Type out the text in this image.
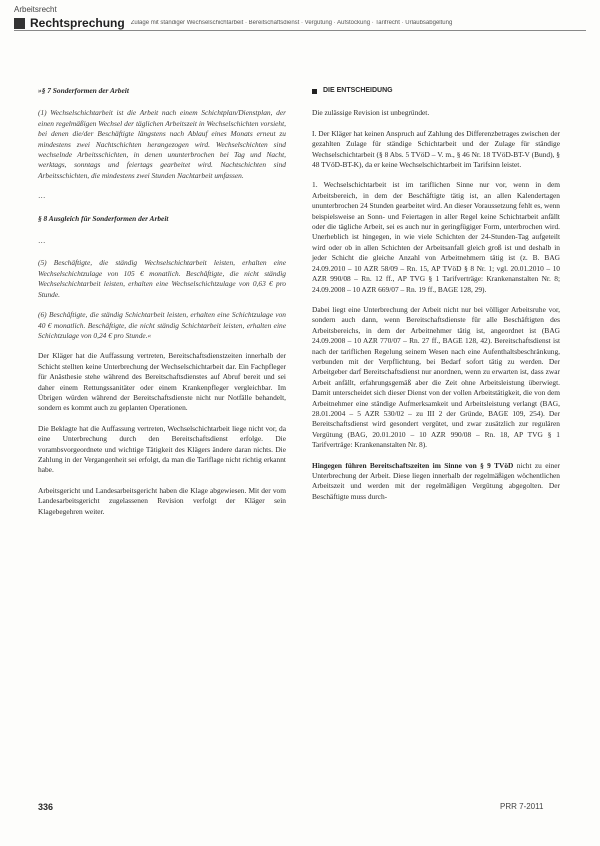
Arbeitsrecht
Rechtsprechung Zulage mit ständiger Wechselschichtarbeit · Bereitschaftsdienst · Vergütung · Aufstockung · Tarifrecht · Urlaubsabgeltung

»§ 7 Sonderformen der Arbeit

(1) Wechselschichtarbeit ist die Arbeit nach einem Schichtplan/Dienstplan, der einen regelmäßigen Wechsel der täglichen Arbeitszeit in Wechselschichten vorsieht, bei denen die/der Beschäftigte längstens nach Ablauf eines Monats erneut zu mindestens zwei Nachtschichten herangezogen wird. Wechselschichten sind wechselnde Arbeitsschichten, in denen ununterbrochen bei Tag und Nacht, werktags, sonntags und feiertags gearbeitet wird. Nachtschichten sind Arbeitsschichten, die mindestens zwei Stunden Nachtarbeit umfassen.

…

§ 8 Ausgleich für Sonderformen der Arbeit

…

(5) Beschäftigte, die ständig Wechselschichtarbeit leisten, erhalten eine Wechselschichtzulage von 105 € monatlich. Beschäftigte, die nicht ständig Wechselschichtarbeit leisten, erhalten eine Wechselschichtzulage von 0,63 € pro Stunde.

(6) Beschäftigte, die ständig Schichtarbeit leisten, erhalten eine Schichtzulage von 40 € monatlich. Beschäftigte, die nicht ständig Schichtarbeit leisten, erhalten eine Schichtzulage von 0,24 € pro Stunde.«

Der Kläger hat die Auffassung vertreten, Bereitschaftsdienstzeiten innerhalb der Schicht stellten keine Unterbrechung der Wechselschichtarbeit dar. Ein Fachpfleger für Anästhesie stehe während des Bereitschaftsdienstes auf Abruf bereit und sei daher einem Rettungssanitäter oder einem Krankenpfleger vergleichbar. Im Übrigen würden während der Bereitschaftsdienste nicht nur Notfälle behandelt, sondern es kommt auch zu geplanten Operationen.

Die Beklagte hat die Auffassung vertreten, Wechselschichtarbeit liege nicht vor, da eine Unterbrechung durch den Bereitschaftsdienst erfolge. Die vorambsvorgeordnete und wichtige Tätigkeit des Klägers ändere daran nichts. Die Zahlung in der Vergangenheit sei erfolgt, da man die Tariflage nicht richtig erkannt habe.

Arbeitsgericht und Landesarbeitsgericht haben die Klage abgewiesen. Mit der vom Landesarbeitsgericht zugelassenen Revision verfolgt der Kläger sein Klagebegehren weiter.

DIE ENTSCHEIDUNG

Die zulässige Revision ist unbegründet.

I. Der Kläger hat keinen Anspruch auf Zahlung des Differenzbetrages zwischen der gezahlten Zulage für ständige Schichtarbeit und der Zulage für ständige Wechselschichtarbeit (§ 8 Abs. 5 TVöD – V. m., § 46 Nr. 18 TVöD-BT-V (Bund), § 48 TVöD-BT-K), da er keine Wechselschichtarbeit im Tarifsinn leistet.

1. Wechselschichtarbeit ist im tariflichen Sinne nur vor, wenn in dem Arbeitsbereich, in dem der Beschäftigte tätig ist, an allen Kalendertagen ununterbrochen 24 Stunden gearbeitet wird. An dieser Voraussetzung fehlt es, wenn beispielsweise an Sonn- und Feiertagen in aller Regel keine Schichtarbeit anfällt oder die tägliche Arbeit, sei es auch nur in geringfügiger Form, unterbrochen wird. Unerheblich ist hingegen, in wie viele Schichten der 24-Stunden-Tag aufgeteilt wird oder ob in allen Schichten der Arbeitsanfall gleich groß ist und deshalb in jeder Schicht die gleiche Anzahl von Arbeitnehmern tätig ist (z. B. BAG 24.09.2010 – 10 AZR 58/09 – Rn. 15, AP TVöD § 8 Nr. 1; vgl. 20.01.2010 – 10 AZR 990/08 – Rn. 12 ff., AP TVG § 1 Tarifverträge: Krankenanstalten Nr. 8; 24.09.2008 – 10 AZR 669/07 – Rn. 19 ff., BAGE 128, 29).

Dabei liegt eine Unterbrechung der Arbeit nicht nur bei völliger Arbeitsruhe vor, sondern auch dann, wenn Bereitschaftsdienste für alle Beschäftigten des Arbeitsbereichs, in dem der Arbeitnehmer tätig ist, angeordnet ist (BAG 24.09.2008 – 10 AZR 770/07 – Rn. 27 ff., BAGE 128, 42). Bereitschaftsdienst ist nach der tariflichen Regelung seinem Wesen nach eine Aufenthaltsbeschränkung, verbunden mit der Verpflichtung, bei Bedarf sofort tätig zu werden. Der Arbeitgeber darf Bereitschaftsdienst nur anordnen, wenn zu erwarten ist, dass zwar Arbeit anfällt, erfahrungsgemäß aber die Zeit ohne Arbeitsleistung überwiegt. Damit unterscheidet sich dieser Dienst von der vollen Arbeitstätigkeit, die von dem Arbeitnehmer eine ständige Aufmerksamkeit und Arbeitsleistung verlangt (BAG, 28.01.2004 – 5 AZR 530/02 – zu III 2 der Gründe, BAGE 109, 254). Der Bereitschaftsdienst wird gesondert vergütet, und zwar zusätzlich zur regulären Vergütung (BAG, 20.01.2010 – 10 AZR 990/08 – Rn. 18, AP TVG § 1 Tarifverträge: Krankenanstalten Nr. 8).

Hingegen führen Bereitschaftszeiten im Sinne von § 9 TVöD nicht zu einer Unterbrechung der Arbeit. Diese liegen innerhalb der regelmäßigen wöchentlichen Arbeitszeit und werden mit der regelmäßigen Vergütung abgegolten. Der Beschäftigte muss durch-

336	PRR 7-2011
